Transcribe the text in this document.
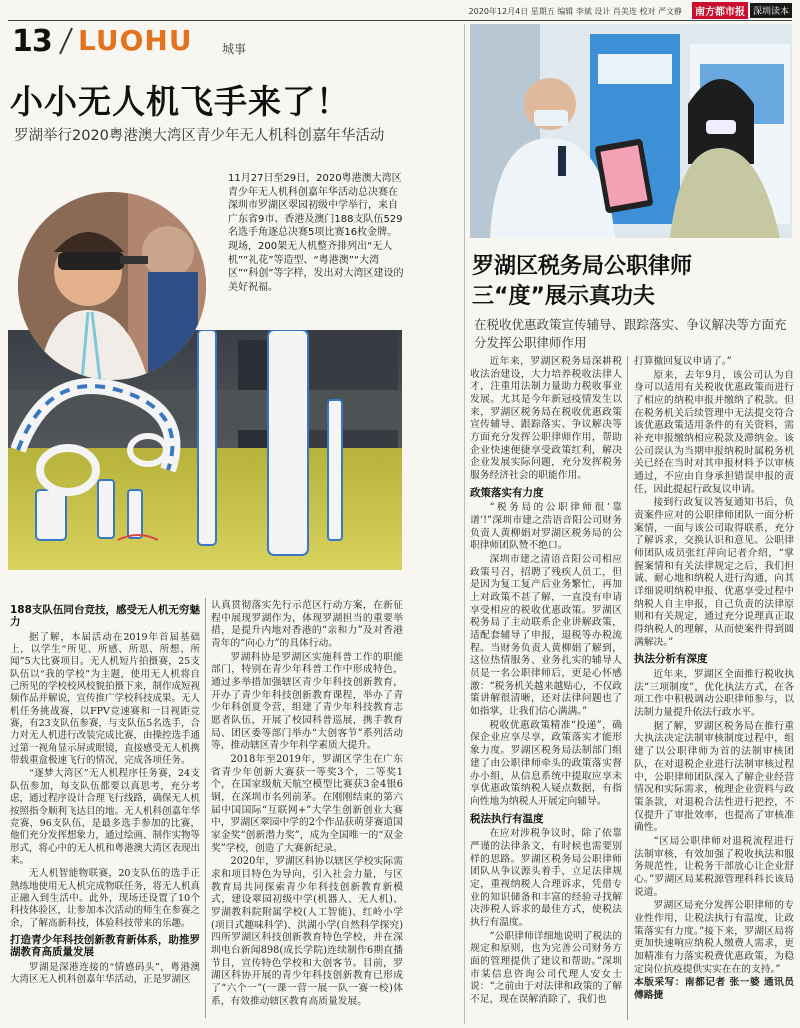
2020年12月4日 星期五 编辑 李斌 设计 肖美连 校对 严文静	南方都市报 深圳读本
13 LUOHU 城事
小小无人机飞手来了！
罗湖举行2020粤港澳大湾区青少年无人机科创嘉年华活动
11月27日至29日，2020粤港澳大湾区青少年无人机科创嘉年华活动总决赛在深圳市罗湖区翠园初级中学举行，来自广东省9市、香港及澳门188支队伍529名选手角逐总决赛5项比赛16枚金牌。现场，200架无人机整齐排列出“无人机”“礼花”等造型、“粤港澳”“大湾区”“科创”等字样，发出对大湾区建设的美好祝福。
188支队伍同台竞技，感受无人机无穷魅力

据了解，本届活动在2019年首届基础上，以学生“所见、所感、所思、所想、所闻”5大比赛项目。无人机短片拍摄赛，25支队伍以“我的学校”为主题，使用无人机将自己所见的学校校风校貌拍摄下来，制作成短视频作品并解说，宣传推广学校科技成果。无人机任务挑战赛，以FPV竞速赛和一目视距竞赛，有23支队伍参赛，与支队伍5名选手，合力对无人机进行改装完成比赛，由操控选手通过第一视角显示屏或眼镜，直接感受无人机携带载重盒极速飞行的情况，完成各项任务。

“逐梦大湾区”无人机程序任务赛，24支队伍参加，每支队伍都要以真思考，充分考虑，通过程序设计合理飞行线路，确保无人机按照指令顺利飞达目的地。无人机科创嘉年华竞赛，96支队伍，是最多选手参加的比赛，他们充分发挥想象力，通过绘画、制作实物等形式，将心中的无人机和粤港澳大湾区表现出来。

无人机智能物联赛，20支队伍的选手正熟练地使用无人机完成物联任务，将无人机真正融入到生活中。此外，现场还设置了10个科技体验区，让参加本次活动的师生在参赛之余，了解高新科技，体验科技带来的乐趣。

打造青少年科技创新教育新体系，助推罗湖教育高质量发展

罗湖是深港连接的“情感码头”，粤港澳大湾区无人机科创嘉年华活动，正是罗湖区

认真贯彻落实先行示范区行动方案，在新征程中展现罗湖作为，体现罗湖担当的重要举措，是提升内地对香港的“亲和力”及对香港青年的“向心力”的具体行动。

罗湖科协是罗湖区实施科普工作的职能部门，特别在青少年科普工作中形成特色，通过多举措加强辖区青少年科技创新教育，开办了青少年科技创新教育课程，举办了青少年科创夏令营，组建了青少年科技教育志愿者队伍，开展了校园科普巡展，携手教育局、团区委等部门举办“大创客节”系列活动等，推动辖区青少年科学素质大提升。

2018年至2019年，罗湖区学生在广东省青少年创新大赛获一等奖3个，二等奖1个，在国家级航天航空模型比赛获3金4银6铜，在深圳市名列前茅。在刚刚结束的第六届中国国际“互联网+”大学生创新创业大赛中，罗湖区翠园中学的2个作品获萌芽赛道国家金奖“创新潜力奖”，成为全国唯一的“双金奖”学校，创造了大赛新纪录。

2020年，罗湖区科协以辖区学校实际需求和项目特色为导向，引入社会力量，与区教育局共同探索青少年科技创新教育新模式，建设翠园初级中学(机器人、无人机)、罗湖教科院附属学校(人工智能)、红岭小学(项目式趣味科学)、洪湖小学(自然科学探究)四所罗湖区科技创新教育特色学校，并在深圳电台新闻898(成长学院)连续制作6期直播节目，宣传特色学校和大创客节。目前，罗湖区科协开展的青少年科技创新教育已形成了“六个一”(一课一营一展一队一赛一校)体系，有效推动辖区教育高质量发展。

罗湖区税务局公职律师
三“度”展示真功夫
在税收优惠政策宣传辅导、跟踪落实、争议解决等方面充分发挥公职律师作用

近年来，罗湖区税务局深耕税收法治建设，大力培养税收法律人才，注重用法制力量助力税收事业发展。尤其是今年新冠疫情发生以来，罗湖区税务局在税收优惠政策宣传辅导、跟踪落实、争议解决等方面充分发挥公职律师作用，帮助企业快速便捷享受政策红利，解决企业发展实际问题，充分发挥税务服务经济社会的职能作用。

政策落实有力度

“税务局的公职律师很‘靠谱’!”深圳市建之浩语音阳公司财务负责人黄柳娟对罗湖区税务局的公职律师团队赞不绝口。

深圳市建之清语音阳公司相应政策号召，招聘了残疾人员工，但是因为复工复产后业务繁忙，再加上对政策不甚了解，一直没有申请享受相应的税收优惠政策。罗湖区税务局了主动联系企业讲解政策，适配套辅导了申报，退税等办税流程。当财务负责人黄柳娟了解到，这位热情服务、业务扎实的辅导人员是一名公职律师后，更是心怀感激：“税务机关越来越贴心，不仅政策讲解很清晰，还对法律问题也了如指掌，让我们信心满满。”

税收优惠政策精准“投递”，确保企业应享尽享，政策落实才能形象力度。罗湖区税务局法制部门组建了由公职律师牵头的政策落实督办小组，从信息系统中提取应享未享优惠政策纳税人疑点数据，有指向性地为纳税人开展定向辅导。

税法执行有温度

在应对涉税争议时，除了依靠严谨的法律条文，有时候也需要别样的思路。罗湖区税务局公职律师团队从争议源头着手，立足法律规定，重视纳税人合理诉求，凭借专业的知识储备和丰富的经验寻找解决涉税人诉求的最佳方式，使税法执行有温度。

“公职律师详细地说明了税法的规定和原则，也为完善公司财务方面的管理提供了建议和帮助。”深圳市某信息咨询公司代理人安女士说：“之前由于对法律和政策的了解不足，现在误解消除了，我们也

打算撤回复议申请了。”

原来，去年9月，该公司认为自身可以适用有关税收优惠政策而进行了相应的纳税申报并缴纳了税款。但在税务机关后续管理中无法提交符合该优惠政策适用条件的有关资料，需补充申报缴纳相应税款及滞纳金。该公司误认为当期申报纳税时属税务机关已经在当时对其申报材料予以审核通过，不应由自身承担错误申报的责任，因此提起行政复议申请。

接到行政复议答复通知书后，负责案件应对的公职律师团队一面分析案情，一面与该公司取得联系，充分了解诉求，交换认识和意见。公职律师团队成员张红萍向记者介绍，“掌握案情和有关法律规定之后，我们担诚、耐心地和纳税人进行沟通，向其详细说明纳税申报、优惠享受过程中纳税人自主申报，自己负责的法律原则和有关规定，通过充分说理真正取得纳税人的理解，从而使案件得到圆满解决。”

执法分析有深度

近年来，罗湖区全面推行税收执法“三项制度”，优化执法方式，在各项工作中积极调动公职律师参与，以法制力量提升依法行政水平。

据了解，罗湖区税务局在推行重大执法决定法制审核制度过程中，组建了以公职律师为首的法制审核团队，在对退税企业进行法制审核过程中，公职律师团队深入了解企业经营情况和实际需求，梳理企业资料与政策条款，对退税合法性进行把控，不仅提升了审批效率，也提高了审核准确性。

“区局公职律师对退税流程进行法制审核，有效加强了税收执法和服务规范性，让税务干部放心让企业舒心。”罗湖区局某税源管理科科长该局说道。

罗湖区局充分发挥公职律师的专业性作用，让税法执行有温度，让政策落实有力度。”接下来，罗湖区局将更加快速响应纳税人缴费人需求，更加精准有力落实税费优惠政策，为稳定岗位抗疫提供实实在在的支持。”

本版采写：南都记者 张一婆 通讯员 傅路捷
